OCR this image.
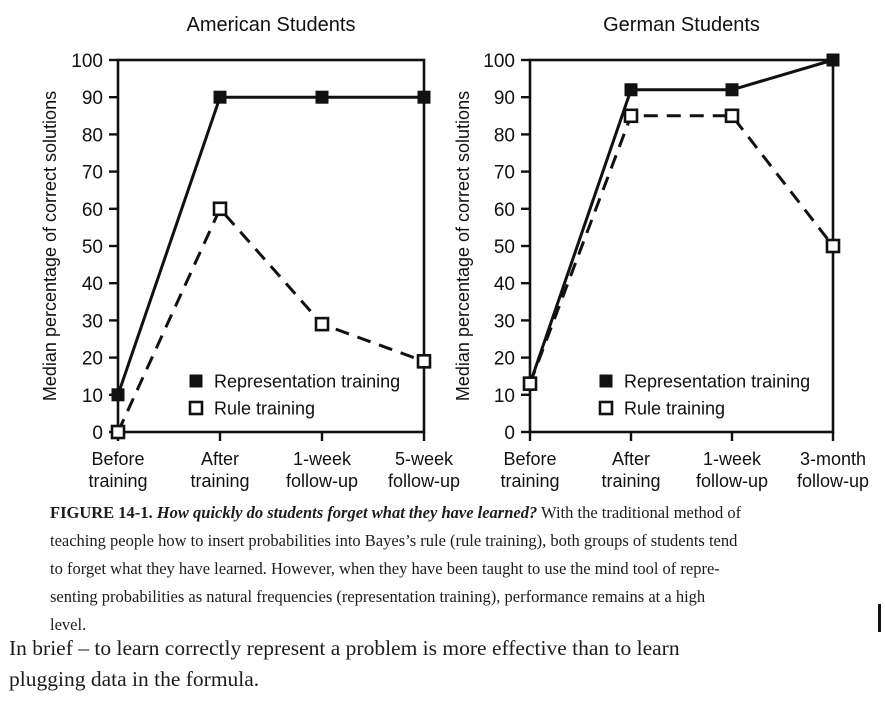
0
10
20
30
40
50
60
70
80
90
100
Before
training
After
training
1-week
follow-up
5-week
follow-up
American Students
Median percentage of correct solutions	Representation training
Rule training
0
10
20
30
40
50
60
70
80
90
100
Before
training
After
training
1-week
follow-up
3-month
follow-up
German Students
Median percentage of correct solutions	Representation training
Rule training
FIGURE 14-1. How quickly do students forget what they have learned? With the traditional method of
teaching people how to insert probabilities into Bayes’s rule (rule training), both groups of students tend
to forget what they have learned. However, when they have been taught to use the mind tool of repre-
senting probabilities as natural frequencies (representation training), performance remains at a high
level.
In brief – to learn correctly represent a problem is more effective than to learn
plugging data in the formula.
